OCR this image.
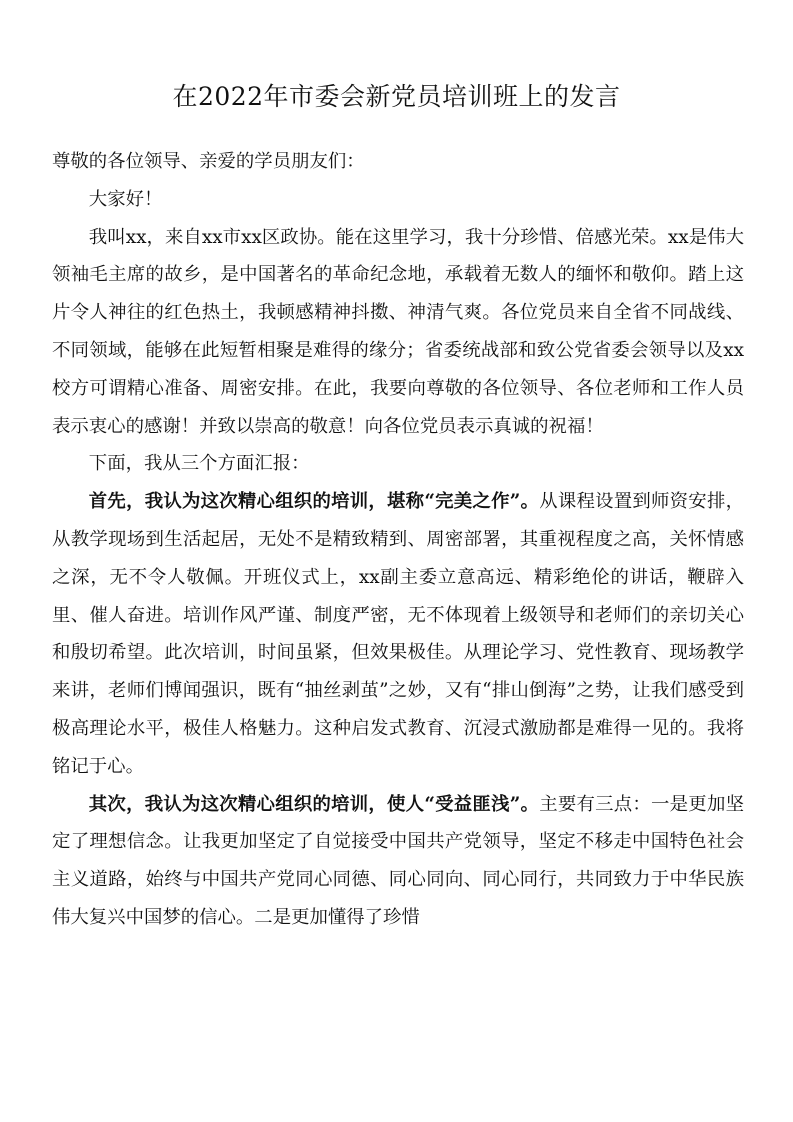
在2022年市委会新党员培训班上的发言

尊敬的各位领导、亲爱的学员朋友们：

大家好！

我叫xx，来自xx市xx区政协。能在这里学习，我十分珍惜、倍感光荣。xx是伟大领袖毛主席的故乡，是中国著名的革命纪念地，承载着无数人的缅怀和敬仰。踏上这片令人神往的红色热土，我顿感精神抖擞、神清气爽。各位党员来自全省不同战线、不同领域，能够在此短暂相聚是难得的缘分；省委统战部和致公党省委会领导以及xx校方可谓精心准备、周密安排。在此，我要向尊敬的各位领导、各位老师和工作人员表示衷心的感谢！并致以崇高的敬意！向各位党员表示真诚的祝福！

下面，我从三个方面汇报：

首先，我认为这次精心组织的培训，堪称“完美之作”。从课程设置到师资安排，从教学现场到生活起居，无处不是精致精到、周密部署，其重视程度之高，关怀情感之深，无不令人敬佩。开班仪式上，xx副主委立意高远、精彩绝伦的讲话，鞭辟入里、催人奋进。培训作风严谨、制度严密，无不体现着上级领导和老师们的亲切关心和殷切希望。此次培训，时间虽紧，但效果极佳。从理论学习、党性教育、现场教学来讲，老师们博闻强识，既有“抽丝剥茧”之妙，又有“排山倒海”之势，让我们感受到极高理论水平，极佳人格魅力。这种启发式教育、沉浸式激励都是难得一见的。我将铭记于心。

其次，我认为这次精心组织的培训，使人“受益匪浅”。主要有三点：一是更加坚定了理想信念。让我更加坚定了自觉接受中国共产党领导，坚定不移走中国特色社会主义道路，始终与中国共产党同心同德、同心同向、同心同行，共同致力于中华民族伟大复兴中国梦的信心。二是更加懂得了珍惜
